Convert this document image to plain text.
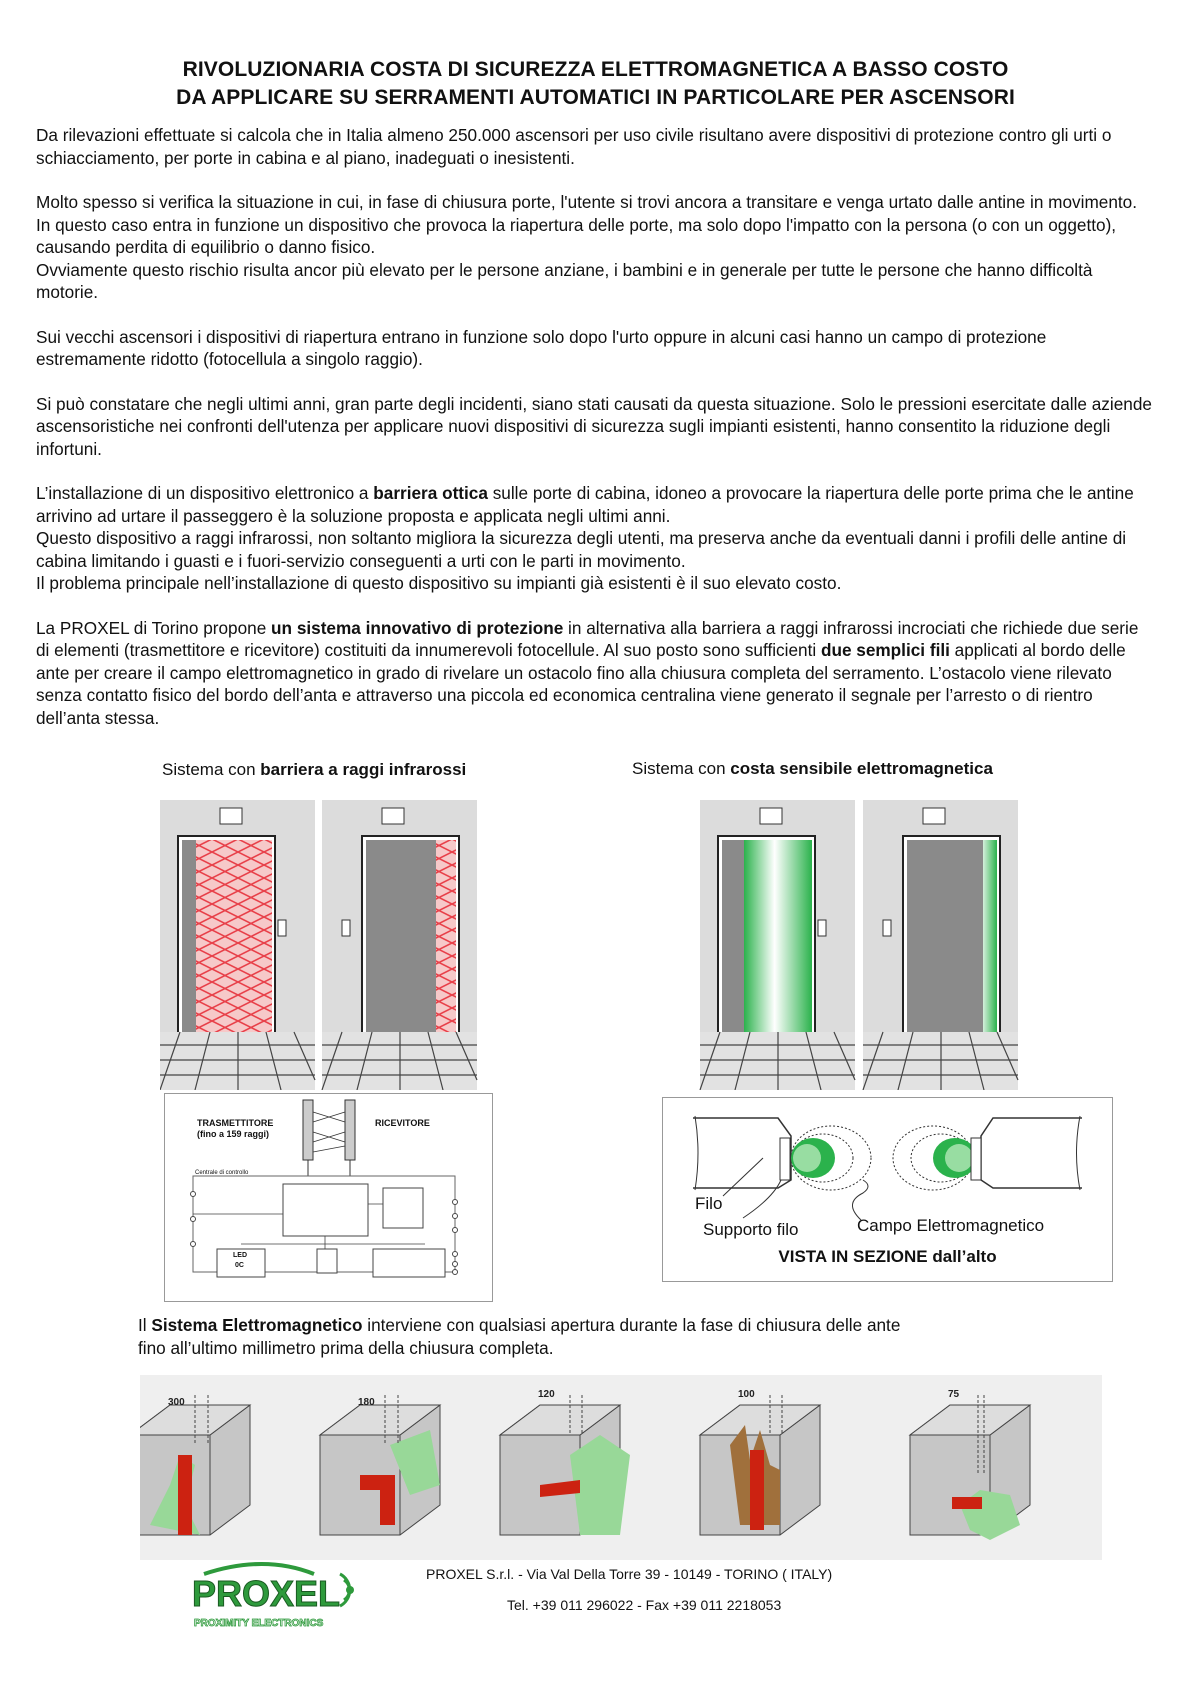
RIVOLUZIONARIA COSTA DI SICUREZZA ELETTROMAGNETICA A BASSO COSTO
DA APPLICARE SU SERRAMENTI AUTOMATICI IN PARTICOLARE PER ASCENSORI

Da rilevazioni effettuate si calcola che in Italia almeno 250.000 ascensori per uso civile risultano avere dispositivi di protezione contro gli urti o schiacciamento, per porte in cabina e al piano, inadeguati o inesistenti.

Molto spesso si verifica la situazione in cui, in fase di chiusura porte, l'utente si trovi ancora a transitare e venga urtato dalle antine in movimento. In questo caso entra in funzione un dispositivo che provoca la riapertura delle porte, ma solo dopo l'impatto con la persona (o con un oggetto), causando perdita di equilibrio o danno fisico.

Ovviamente questo rischio risulta ancor più elevato per le persone anziane, i bambini e in generale per tutte le persone che hanno difficoltà motorie.

Sui vecchi ascensori i dispositivi di riapertura entrano in funzione solo dopo l'urto oppure in alcuni casi hanno un campo di protezione estremamente ridotto (fotocellula a singolo raggio).

Si può constatare che negli ultimi anni, gran parte degli incidenti, siano stati causati da questa situazione. Solo le pressioni esercitate dalle aziende ascensoristiche nei confronti dell'utenza per applicare nuovi dispositivi di sicurezza sugli impianti esistenti, hanno consentito la riduzione degli infortuni.

L’installazione di un dispositivo elettronico a barriera ottica sulle porte di cabina, idoneo a provocare la riapertura delle porte prima che le antine arrivino ad urtare il passeggero è la soluzione proposta e applicata negli ultimi anni.
Questo dispositivo a raggi infrarossi, non soltanto migliora la sicurezza degli utenti, ma preserva anche da eventuali danni i profili delle antine di cabina limitando i guasti e i fuori-servizio conseguenti a urti con le parti in movimento.

Il problema principale nell’installazione di questo dispositivo su impianti già esistenti è il suo elevato costo.

La PROXEL di Torino propone un sistema innovativo di protezione in alternativa alla barriera a raggi infrarossi incrociati che richiede due serie di elementi (trasmettitore e ricevitore) costituiti da innumerevoli fotocellule. Al suo posto sono sufficienti due semplici fili applicati al bordo delle ante per creare il campo elettromagnetico in grado di rivelare un ostacolo fino alla chiusura completa del serramento. L’ostacolo viene rilevato senza contatto fisico del bordo dell’anta e attraverso una piccola ed economica centralina viene generato il segnale per l’arresto o di rientro dell’anta stessa.

Sistema con barriera a raggi infrarossi	Sistema con costa sensibile elettromagnetica
TRASMETTITORE
(fino a 159 raggi)
RICEVITORE
Centrale di controllo
LED
0C
Filo
Supporto filo	Campo Elettromagnetico
VISTA IN SEZIONE dall’alto
Il Sistema Elettromagnetico interviene con qualsiasi apertura durante la fase di chiusura delle ante
fino all’ultimo millimetro prima della chiusura completa.
300	180
120	100	75
PROXEL
PROXIMITY ELECTRONICS
PROXEL S.r.l. - Via Val Della Torre 39 - 10149 - TORINO ( ITALY)
Tel. +39 011 296022 - Fax +39 011 2218053
